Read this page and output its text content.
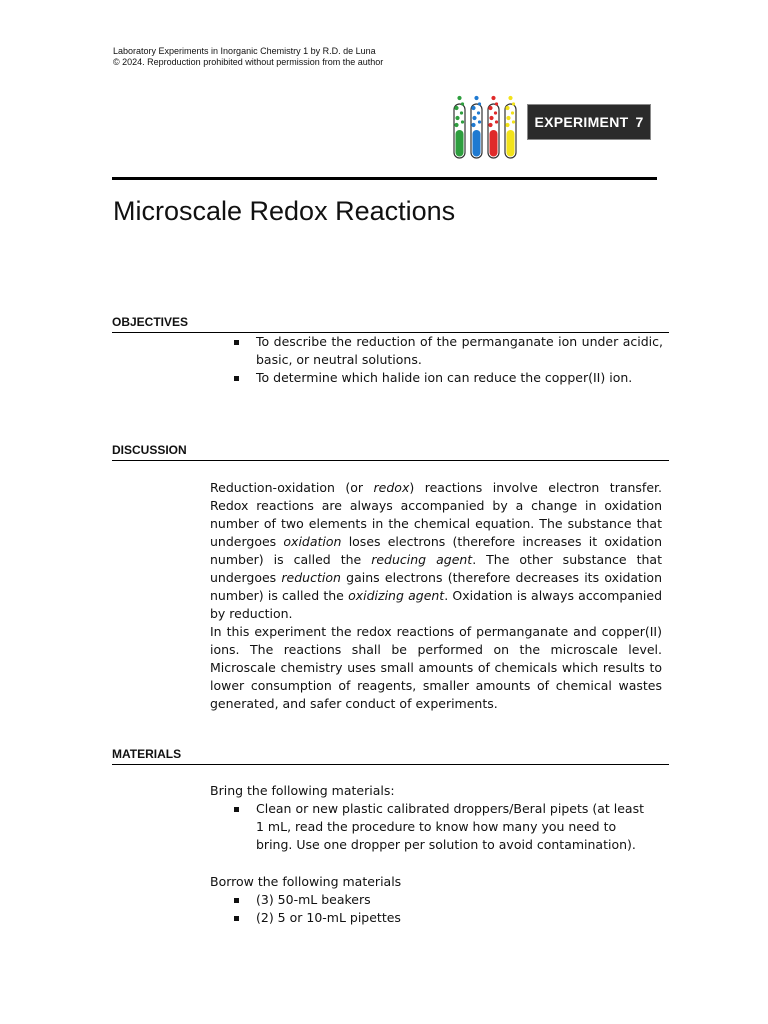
Laboratory Experiments in Inorganic Chemistry 1 by R.D. de Luna
© 2024. Reproduction prohibited without permission from the author
EXPERIMENT 7
Microscale Redox Reactions
OBJECTIVES
To describe the reduction of the permanganate ion under acidic, basic, or neutral solutions.
To determine which halide ion can reduce the copper(II) ion.
DISCUSSION

Reduction-oxidation (or redox) reactions involve electron transfer. Redox reactions are always accompanied by a change in oxidation number of two elements in the chemical equation. The substance that undergoes oxidation loses electrons (therefore increases it oxidation number) is called the reducing agent. The other substance that undergoes reduction gains electrons (therefore decreases its oxidation number) is called the oxidizing agent. Oxidation is always accompanied by reduction.

In this experiment the redox reactions of permanganate and copper(II) ions. The reactions shall be performed on the microscale level. Microscale chemistry uses small amounts of chemicals which results to lower consumption of reagents, smaller amounts of chemical wastes generated, and safer conduct of experiments.

MATERIALS

Bring the following materials:

Clean or new plastic calibrated droppers/Beral pipets (at least 1 mL, read the procedure to know how many you need to bring. Use one dropper per solution to avoid contamination).

Borrow the following materials

(3) 50-mL beakers
(2) 5 or 10-mL pipettes
